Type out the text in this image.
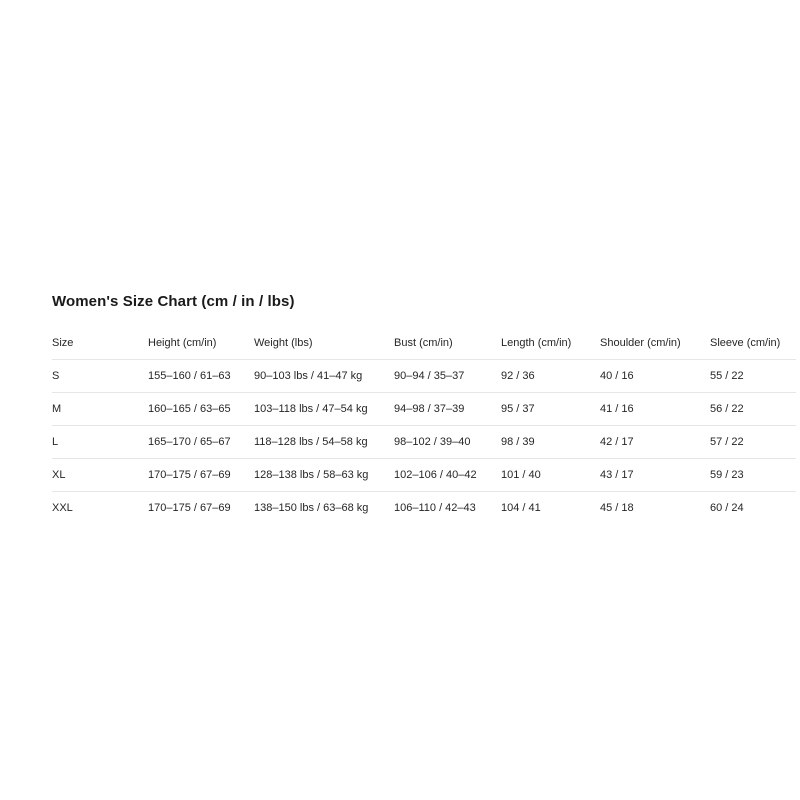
Women's Size Chart (cm / in / lbs)
Size	Height (cm/in)	Weight (lbs)	Bust (cm/in)	Length (cm/in)	Shoulder (cm/in)	Sleeve (cm/in)
S	155–160 / 61–63	90–103 lbs / 41–47 kg	90–94 / 35–37	92 / 36	40 / 16	55 / 22
M	160–165 / 63–65	103–118 lbs / 47–54 kg	94–98 / 37–39	95 / 37	41 / 16	56 / 22
L	165–170 / 65–67	118–128 lbs / 54–58 kg	98–102 / 39–40	98 / 39	42 / 17	57 / 22
XL	170–175 / 67–69	128–138 lbs / 58–63 kg	102–106 / 40–42	101 / 40	43 / 17	59 / 23
XXL	170–175 / 67–69	138–150 lbs / 63–68 kg	106–110 / 42–43	104 / 41	45 / 18	60 / 24
